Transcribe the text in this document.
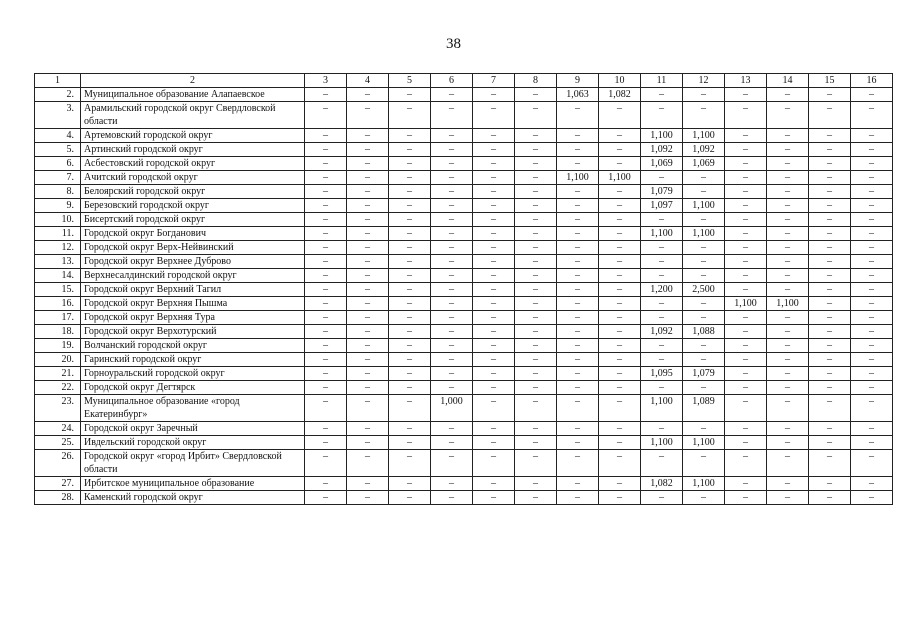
38
1	2	3	4	5	6	7	8	9	10	11	12	13	14	15	16
2.	Муниципальное образование Алапаевское	–	–	–	–	–	–	1,063	1,082	–	–	–	–	–	–
3.	Арамильский городской округ Свердловской области	–	–	–	–	–	–	–	–	–	–	–	–	–	–
4.	Артемовский городской округ	–	–	–	–	–	–	–	–	1,100	1,100	–	–	–	–
5.	Артинский городской округ	–	–	–	–	–	–	–	–	1,092	1,092	–	–	–	–
6.	Асбестовский городской округ	–	–	–	–	–	–	–	–	1,069	1,069	–	–	–	–
7.	Ачитский городской округ	–	–	–	–	–	–	1,100	1,100	–	–	–	–	–	–
8.	Белоярский городской округ	–	–	–	–	–	–	–	–	1,079	–	–	–	–	–
9.	Березовский городской округ	–	–	–	–	–	–	–	–	1,097	1,100	–	–	–	–
10.	Бисертский городской округ	–	–	–	–	–	–	–	–	–	–	–	–	–	–
11.	Городской округ Богданович	–	–	–	–	–	–	–	–	1,100	1,100	–	–	–	–
12.	Городской округ Верх-Нейвинский	–	–	–	–	–	–	–	–	–	–	–	–	–	–
13.	Городской округ Верхнее Дуброво	–	–	–	–	–	–	–	–	–	–	–	–	–	–
14.	Верхнесалдинский городской округ	–	–	–	–	–	–	–	–	–	–	–	–	–	–
15.	Городской округ Верхний Тагил	–	–	–	–	–	–	–	–	1,200	2,500	–	–	–	–
16.	Городской округ Верхняя Пышма	–	–	–	–	–	–	–	–	–	–	1,100	1,100	–	–
17.	Городской округ Верхняя Тура	–	–	–	–	–	–	–	–	–	–	–	–	–	–
18.	Городской округ Верхотурский	–	–	–	–	–	–	–	–	1,092	1,088	–	–	–	–
19.	Волчанский городской округ	–	–	–	–	–	–	–	–	–	–	–	–	–	–
20.	Гаринский городской округ	–	–	–	–	–	–	–	–	–	–	–	–	–	–
21.	Горноуральский городской округ	–	–	–	–	–	–	–	–	1,095	1,079	–	–	–	–
22.	Городской округ Дегтярск	–	–	–	–	–	–	–	–	–	–	–	–	–	–
23.	Муниципальное образование «город Екатеринбург»	–	–	–	1,000	–	–	–	–	1,100	1,089	–	–	–	–
24.	Городской округ Заречный	–	–	–	–	–	–	–	–	–	–	–	–	–	–
25.	Ивдельский городской округ	–	–	–	–	–	–	–	–	1,100	1,100	–	–	–	–
26.	Городской округ «город Ирбит» Свердловской области	–	–	–	–	–	–	–	–	–	–	–	–	–	–
27.	Ирбитское муниципальное образование	–	–	–	–	–	–	–	–	1,082	1,100	–	–	–	–
28.	Каменский городской округ	–	–	–	–	–	–	–	–	–	–	–	–	–	–
